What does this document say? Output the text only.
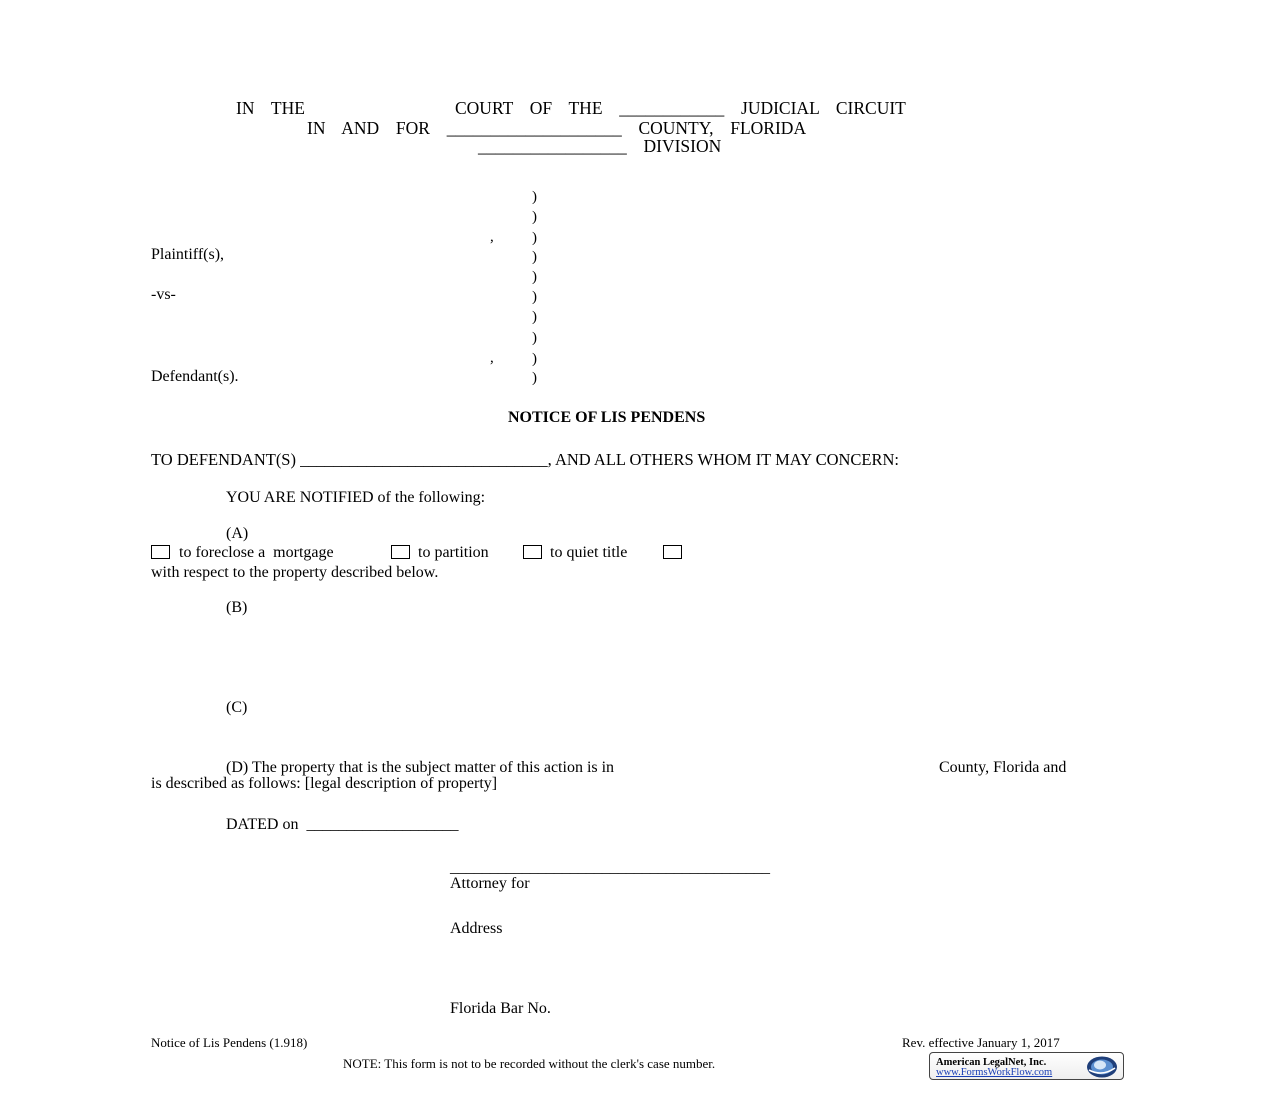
IN  THE	COURT  OF  THE  ____________  JUDICIAL  CIRCUIT
IN  AND  FOR  ____________________  COUNTY,  FLORIDA
_________________  DIVISION
)
)
)
)
)
)
)
)
)
)
,
,
Plaintiff(s),
-vs-
Defendant(s).
NOTICE OF LIS PENDENS
TO DEFENDANT(S) ______________________________, AND ALL OTHERS WHOM IT MAY CONCERN:
YOU ARE NOTIFIED of the following:
(A)
to foreclose a  mortgage	to partition	to quiet title
with respect to the property described below.
(B)
(C)
(D) The property that is the subject matter of this action is in	County, Florida and
is described as follows: [legal description of property]
DATED on  ___________________
________________________________________
Attorney for
Address
Florida Bar No.
Notice of Lis Pendens (1.918)	Rev. effective January 1, 2017
NOTE: This form is not to be recorded without the clerk's case number.	American LegalNet, Inc.
www.FormsWorkFlow.com
